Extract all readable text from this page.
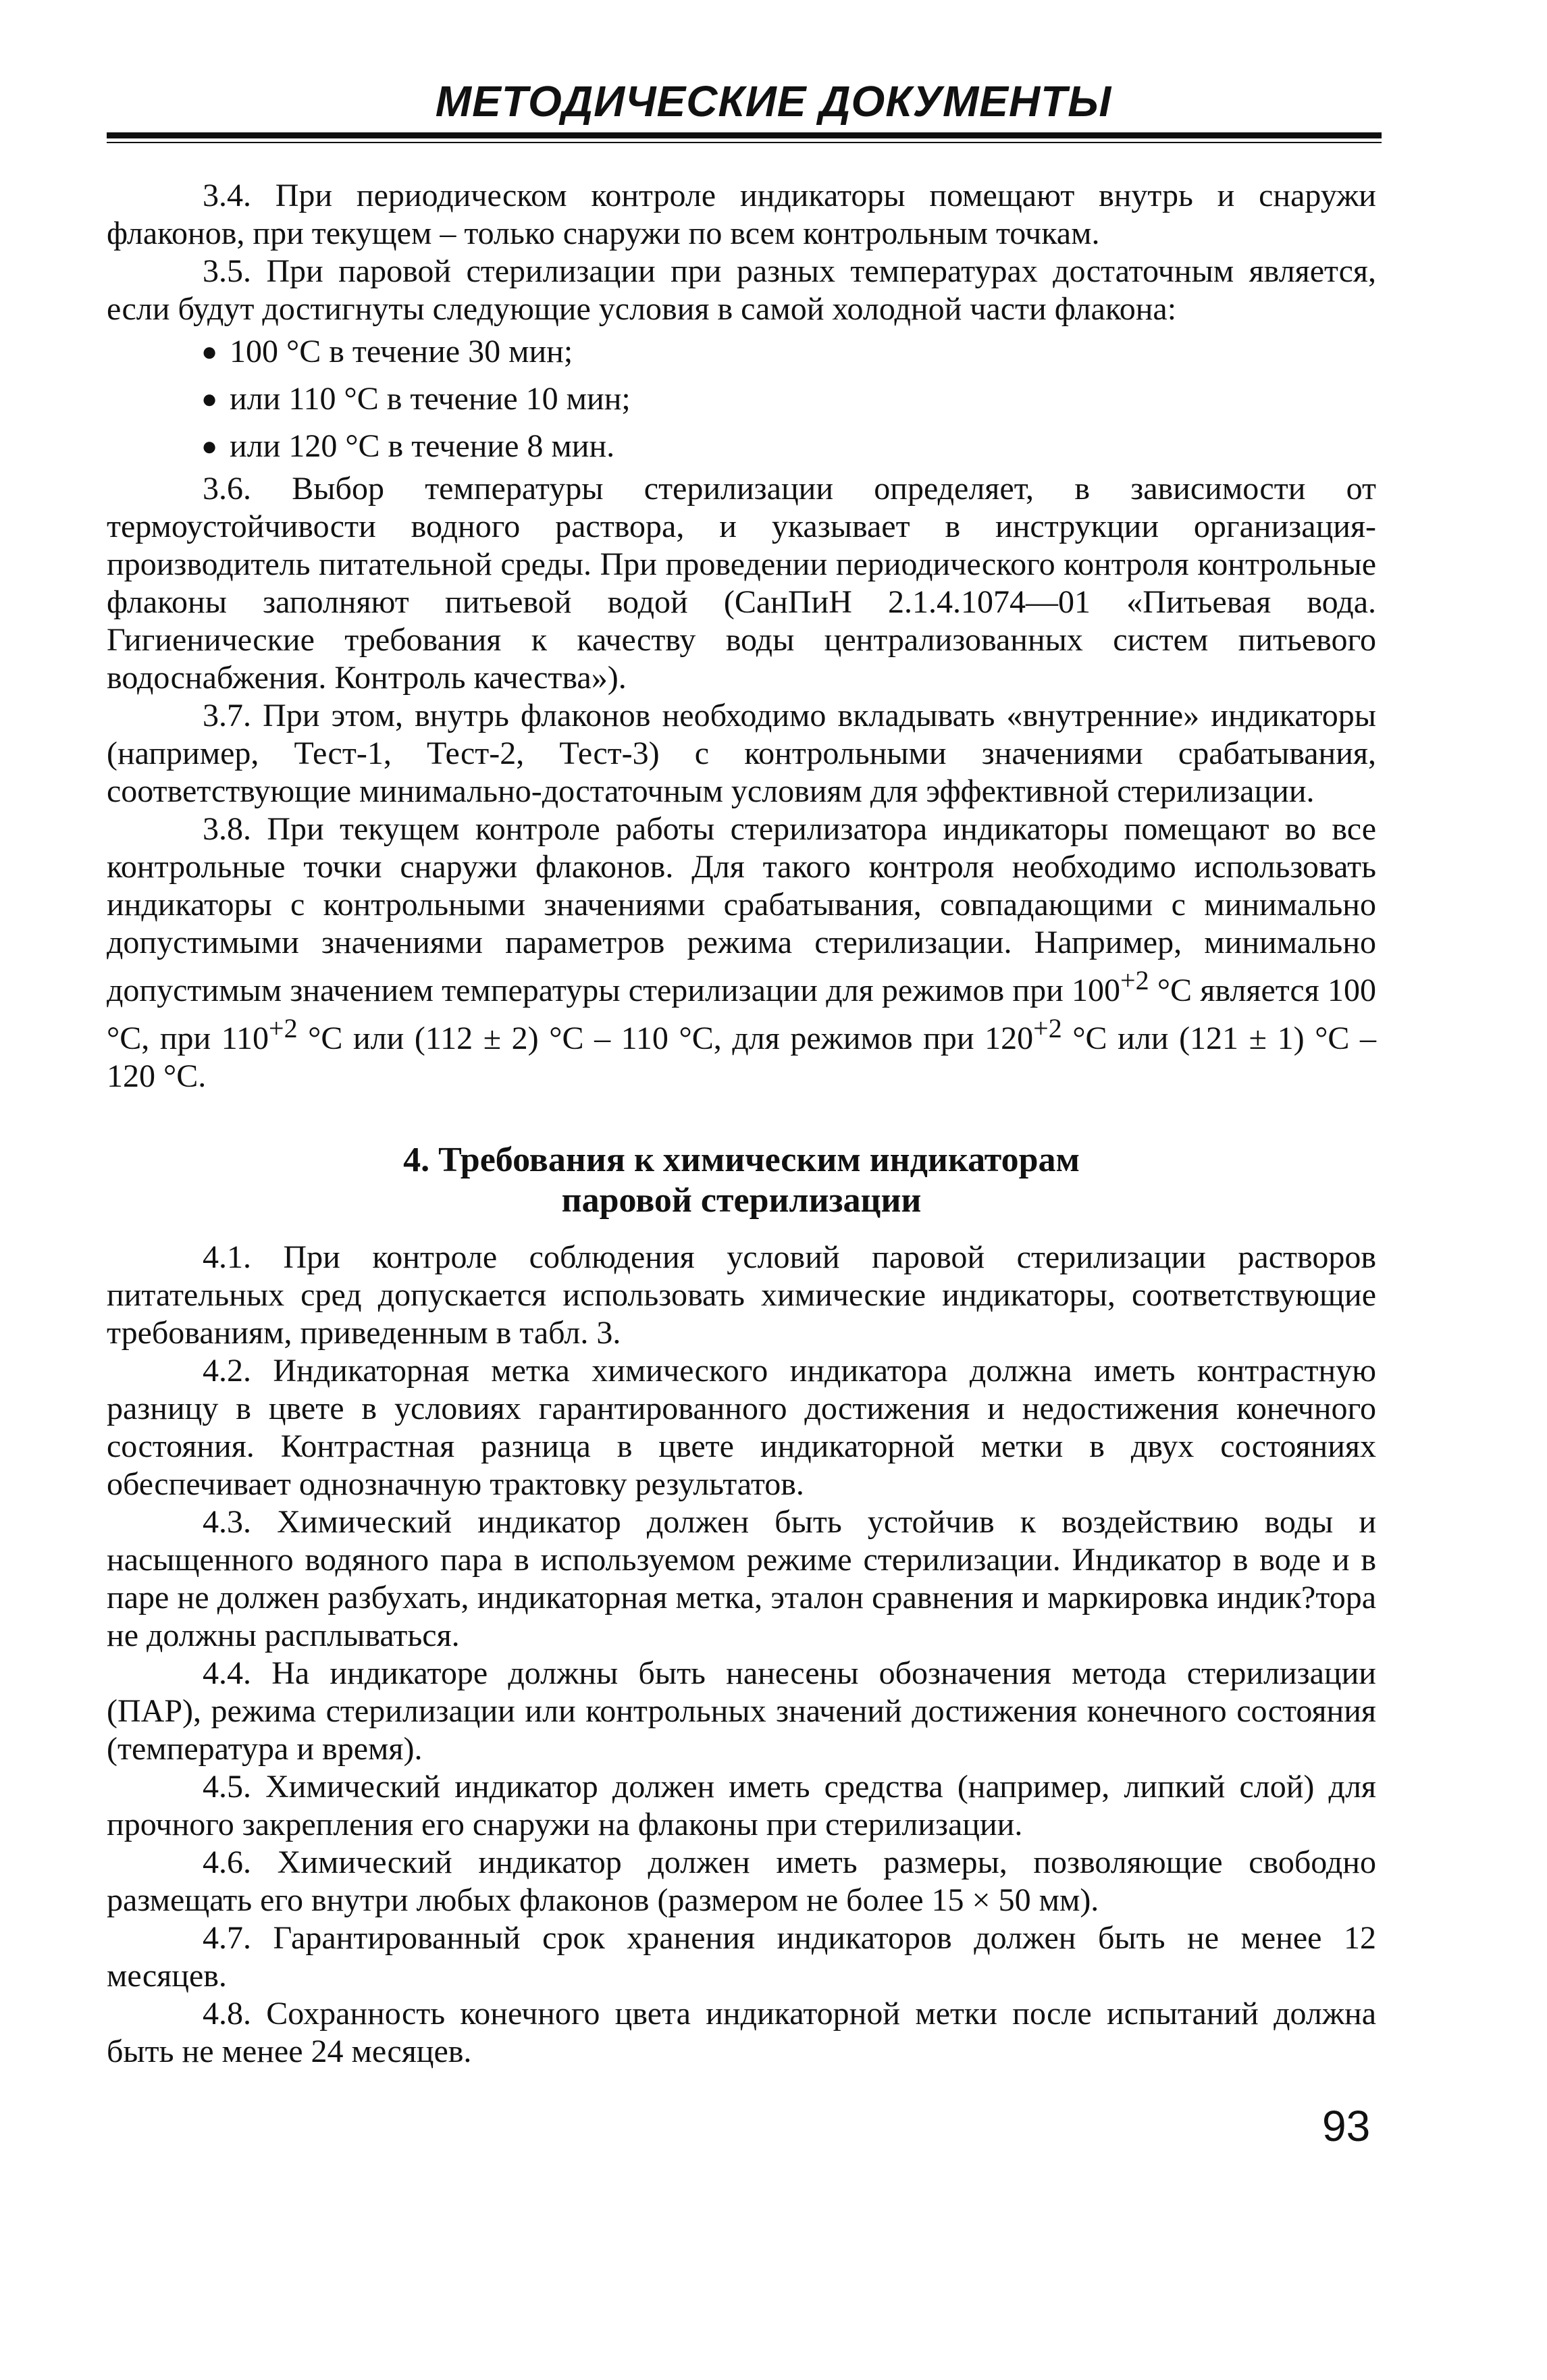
МЕТОДИЧЕСКИЕ ДОКУМЕНТЫ

3.4. При периодическом контроле индикаторы помещают внутрь и снаружи флаконов, при текущем – только снаружи по всем контрольным точкам.

3.5. При паровой стерилизации при разных температурах достаточным является, если будут достигнуты следующие условия в самой холодной части флакона:

● 100 °С в течение 30 мин;
● или 110 °С в течение 10 мин;
● или 120 °С в течение 8 мин.

3.6. Выбор температуры стерилизации определяет, в зависимости от термоустойчивости водного раствора, и указывает в инструкции организация-производитель питательной среды. При проведении периодического контроля контрольные флаконы заполняют питьевой водой (СанПиН 2.1.4.1074—01 «Питьевая вода. Гигиенические требования к качеству воды централизованных систем питьевого водоснабжения. Контроль качества»).

3.7. При этом, внутрь флаконов необходимо вкладывать «внутренние» индикаторы (например, Тест-1, Тест-2, Тест-3) с контрольными значениями срабатывания, соответствующие минимально-достаточным условиям для эффективной стерилизации.

3.8. При текущем контроле работы стерилизатора индикаторы помещают во все контрольные точки снаружи флаконов. Для такого контроля необходимо использовать индикаторы с контрольными значениями срабатывания, совпадающими с минимально допустимыми значениями параметров режима стерилизации. Например, минимально допустимым значением температуры стерилизации для режимов при $100^{+2}$ °С является 100 °С, при $110^{+2}$ °С или (112 ± 2) °С – 110 °С, для режимов при $120^{+2}$ °С или (121 ± 1) °С – 120 °С.

4. Требования к химическим индикаторам
паровой стерилизации

4.1. При контроле соблюдения условий паровой стерилизации растворов питательных сред допускается использовать химические индикаторы, соответствующие требованиям, приведенным в табл. 3.

4.2. Индикаторная метка химического индикатора должна иметь контрастную разницу в цвете в условиях гарантированного достижения и недостижения конечного состояния. Контрастная разница в цвете индикаторной метки в двух состояниях обеспечивает однозначную трактовку результатов.

4.3. Химический индикатор должен быть устойчив к воздействию воды и насыщенного водяного пара в используемом режиме стерилизации. Индикатор в воде и в паре не должен разбухать, индикаторная метка, эталон сравнения и маркировка индик?тора не должны расплываться.

4.4. На индикаторе должны быть нанесены обозначения метода стерилизации (ПАР), режима стерилизации или контрольных значений достижения конечного состояния (температура и время).

4.5. Химический индикатор должен иметь средства (например, липкий слой) для прочного закрепления его снаружи на флаконы при стерилизации.

4.6. Химический индикатор должен иметь размеры, позволяющие свободно размещать его внутри любых флаконов (размером не более 15 × 50 мм).

4.7. Гарантированный срок хранения индикаторов должен быть не менее 12 месяцев.

4.8. Сохранность конечного цвета индикаторной метки после испытаний должна быть не менее 24 месяцев.

93
